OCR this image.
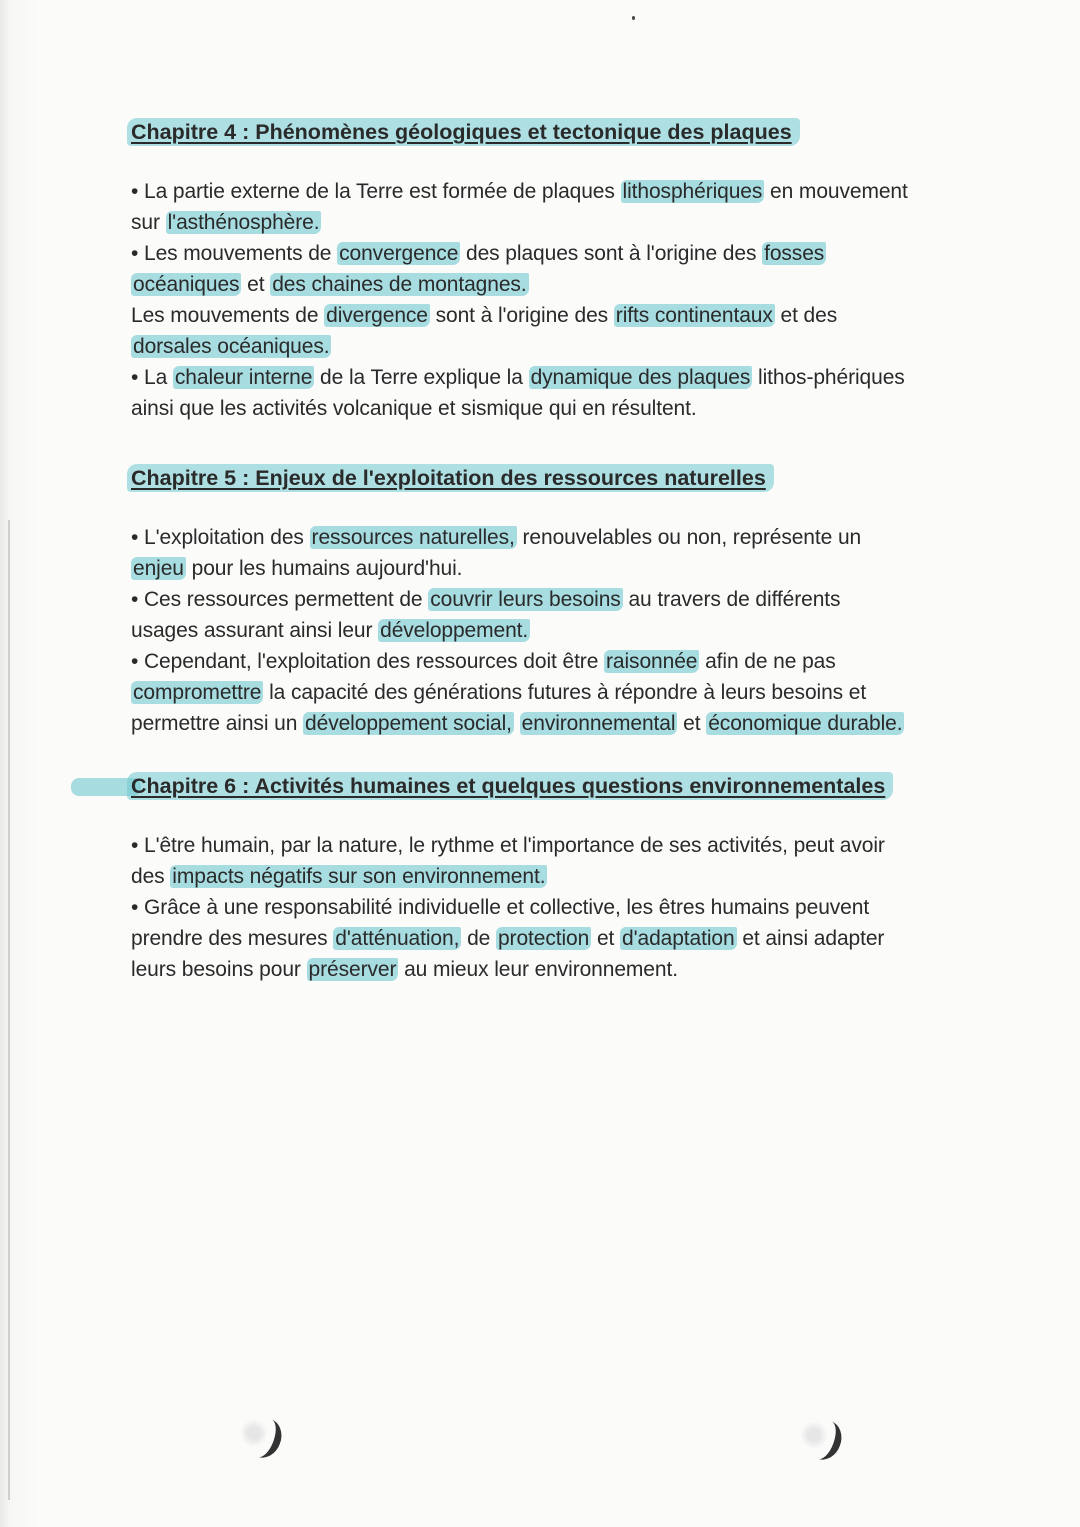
Chapitre 4 : Phénomènes géologiques et tectonique des plaques
• La partie externe de la Terre est formée de plaques lithosphériques en mouvement
sur l'asthénosphère.
• Les mouvements de convergence des plaques sont à l'origine des fosses
océaniques et des chaines de montagnes.
Les mouvements de divergence sont à l'origine des rifts continentaux et des
dorsales océaniques.
• La chaleur interne de la Terre explique la dynamique des plaques lithos-phériques
ainsi que les activités volcanique et sismique qui en résultent.
Chapitre 5 : Enjeux de l'exploitation des ressources naturelles
• L'exploitation des ressources naturelles, renouvelables ou non, représente un
enjeu pour les humains aujourd'hui.
• Ces ressources permettent de couvrir leurs besoins au travers de différents
usages assurant ainsi leur développement.
• Cependant, l'exploitation des ressources doit être raisonnée afin de ne pas
compromettre la capacité des générations futures à répondre à leurs besoins et
permettre ainsi un développement social, environnemental et économique durable.
Chapitre 6 : Activités humaines et quelques questions environnementales
• L'être humain, par la nature, le rythme et l'importance de ses activités, peut avoir
des impacts négatifs sur son environnement.
• Grâce à une responsabilité individuelle et collective, les êtres humains peuvent
prendre des mesures d'atténuation, de protection et d'adaptation et ainsi adapter
leurs besoins pour préserver au mieux leur environnement.
